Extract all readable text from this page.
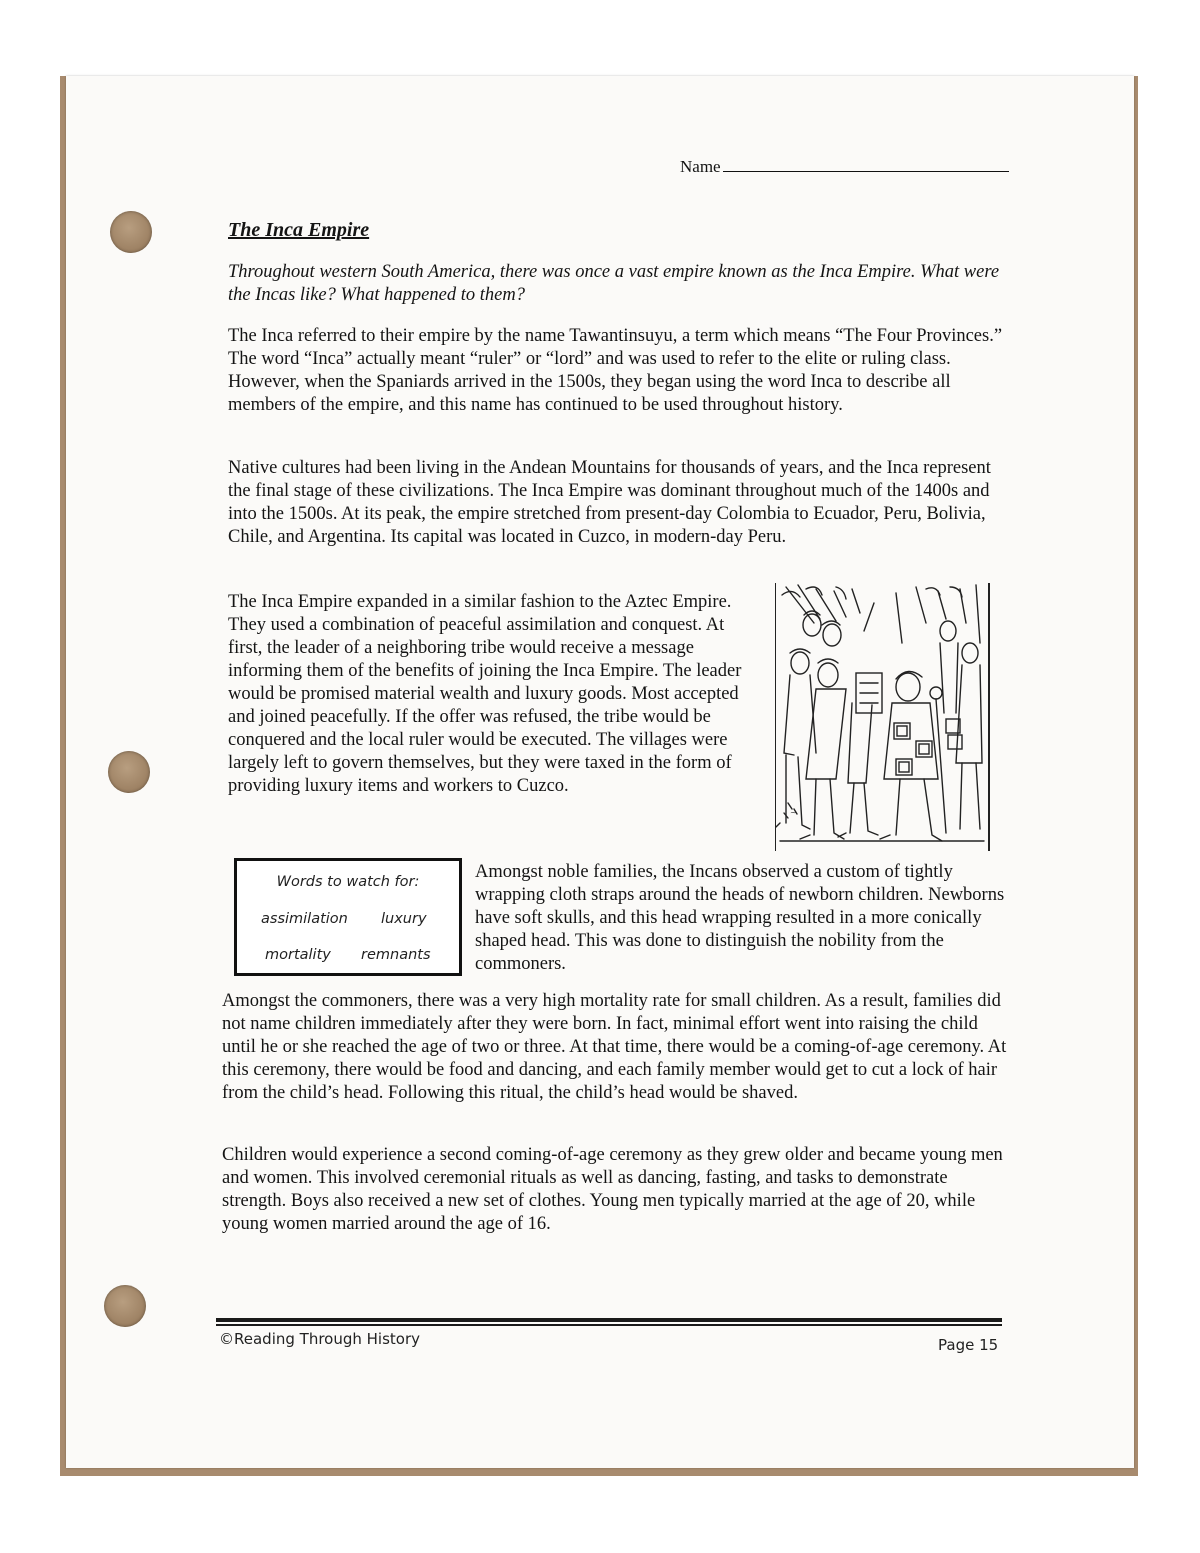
Name
The Inca Empire
Throughout western South America, there was once a vast empire known as the Inca Empire. What were the Incas like? What happened to them?
The Inca referred to their empire by the name Tawantinsuyu, a term which means “The Four Provinces.” The word “Inca” actually meant “ruler” or “lord” and was used to refer to the elite or ruling class. However, when the Spaniards arrived in the 1500s, they began using the word Inca to describe all members of the empire, and this name has continued to be used throughout history.
Native cultures had been living in the Andean Mountains for thousands of years, and the Inca represent the final stage of these civilizations. The Inca Empire was dominant throughout much of the 1400s and into the 1500s. At its peak, the empire stretched from present-day Colombia to Ecuador, Peru, Bolivia, Chile, and Argentina. Its capital was located in Cuzco, in modern-day Peru.
The Inca Empire expanded in a similar fashion to the Aztec Empire. They used a combination of peaceful assimilation and conquest. At first, the leader of a neighboring tribe would receive a message informing them of the benefits of joining the Inca Empire. The leader would be promised material wealth and luxury goods. Most accepted and joined peacefully. If the offer was refused, the tribe would be conquered and the local ruler would be executed. The villages were largely left to govern themselves, but they were taxed in the form of providing luxury items and workers to Cuzco.
~
Words to watch for:
assimilation luxury
mortality remnants
Amongst noble families, the Incans observed a custom of tightly wrapping cloth straps around the heads of newborn children. Newborns have soft skulls, and this head wrapping resulted in a more conically shaped head. This was done to distinguish the nobility from the commoners.
Amongst the commoners, there was a very high mortality rate for small children. As a result, families did not name children immediately after they were born. In fact, minimal effort went into raising the child until he or she reached the age of two or three. At that time, there would be a coming-of-age ceremony. At this ceremony, there would be food and dancing, and each family member would get to cut a lock of hair from the child’s head. Following this ritual, the child’s head would be shaved.
Children would experience a second coming-of-age ceremony as they grew older and became young men and women. This involved ceremonial rituals as well as dancing, fasting, and tasks to demonstrate strength. Boys also received a new set of clothes. Young men typically married at the age of 20, while young women married around the age of 16.
©Reading Through History	Page 15
